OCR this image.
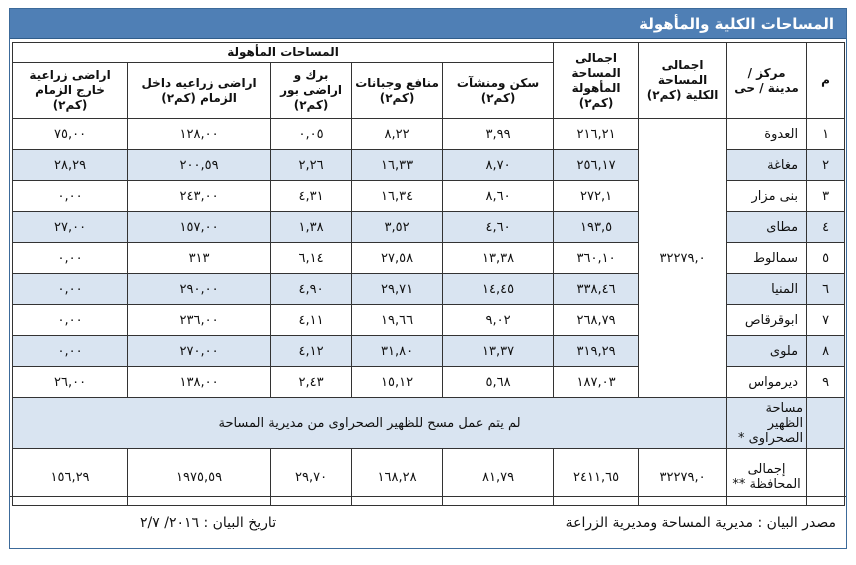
المساحات الكلية والمأهولة
م	مركز / مدينة / حى	اجمالى المساحة الكلية (كم٢)	اجمالى المساحة المأهولة (كم٢)	المساحات المأهولة				
				سكن ومنشآت (كم٢)	منافع وجبانات (كم٢)	برك و اراضى بور (كم٢)	اراضى زراعيه داخل الزمام (كم٢)	اراضى زراعية خارج الزمام (كم٢)
١	العدوة	٣٢٢٧٩,٠	٢١٦,٢١	٣,٩٩	٨,٢٢	٠,٠٥	١٢٨,٠٠	٧٥,٠٠
٢	مغاغة		٢٥٦,١٧	٨,٧٠	١٦,٣٣	٢,٢٦	٢٠٠,٥٩	٢٨,٢٩
٣	بنى مزار		٢٧٢,١	٨,٦٠	١٦,٣٤	٤,٣١	٢٤٣,٠٠	٠,٠٠
٤	مطاى		١٩٣,٥	٤,٦٠	٣,٥٢	١,٣٨	١٥٧,٠٠	٢٧,٠٠
٥	سمالوط		٣٦٠,١٠	١٣,٣٨	٢٧,٥٨	٦,١٤	٣١٣	٠,٠٠
٦	المنيا		٣٣٨,٤٦	١٤,٤٥	٢٩,٧١	٤,٩٠	٢٩٠,٠٠	٠,٠٠
٧	ابوقرقاص		٢٦٨,٧٩	٩,٠٢	١٩,٦٦	٤,١١	٢٣٦,٠٠	٠,٠٠
٨	ملوى		٣١٩,٢٩	١٣,٣٧	٣١,٨٠	٤,١٢	٢٧٠,٠٠	٠,٠٠
٩	ديرمواس		١٨٧,٠٣	٥,٦٨	١٥,١٢	٢,٤٣	١٣٨,٠٠	٢٦,٠٠
	مساحة الظهير الصحراوى *	لم يتم عمل مسح للظهير الصحراوى من مديرية المساحة						
	إجمالى المحافظة **	٣٢٢٧٩,٠	٢٤١١,٦٥	٨١,٧٩	١٦٨,٢٨	٢٩,٧٠	١٩٧٥,٥٩	١٥٦,٢٩
مصدر البيان : مديرية المساحة ومديرية الزراعة
تاريخ البيان : ٢٠١٦/ ٢/٧
